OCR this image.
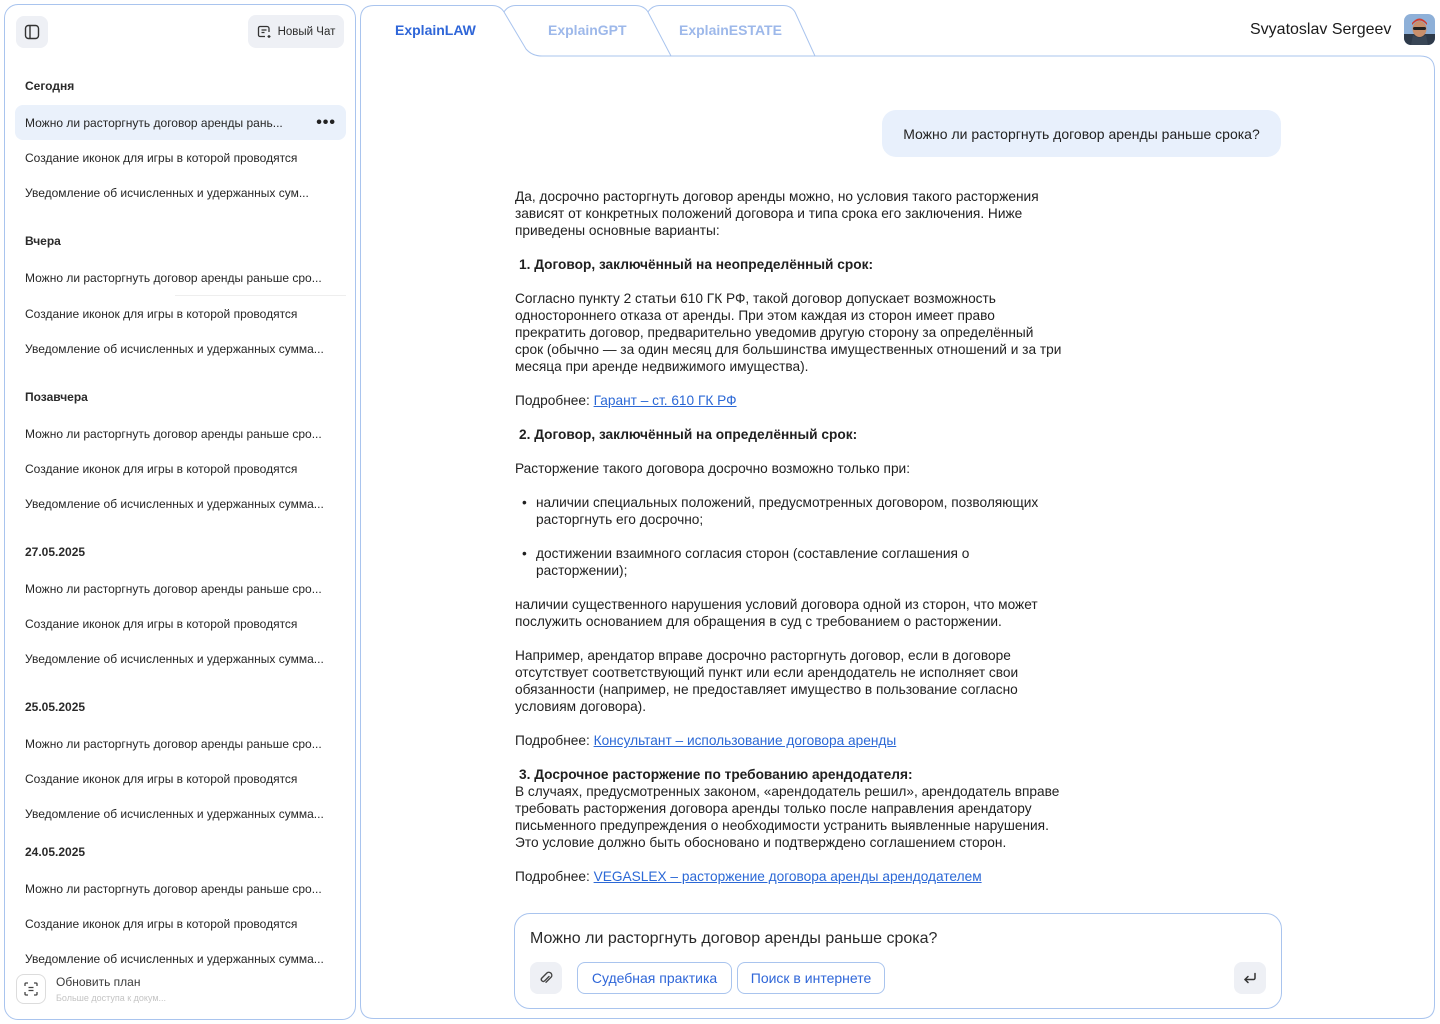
Новый Чат
Сегодня
Можно ли расторгнуть договор аренды рань...	•••
Создание иконок для игры в которой проводятся
Уведомление об исчисленных и удержанных сум...
Вчера
Можно ли расторгнуть договор аренды раньше сро...
Создание иконок для игры в которой проводятся
Уведомление об исчисленных и удержанных сумма...
Позавчера
Можно ли расторгнуть договор аренды раньше сро...
Создание иконок для игры в которой проводятся
Уведомление об исчисленных и удержанных сумма...
27.05.2025
Можно ли расторгнуть договор аренды раньше сро...
Создание иконок для игры в которой проводятся
Уведомление об исчисленных и удержанных сумма...
25.05.2025
Можно ли расторгнуть договор аренды раньше сро...
Создание иконок для игры в которой проводятся
Уведомление об исчисленных и удержанных сумма...
24.05.2025
Можно ли расторгнуть договор аренды раньше сро...
Создание иконок для игры в которой проводятся
Уведомление об исчисленных и удержанных сумма...
Обновить план
Больше доступа к докум...
ExplainLAW	ExplainGPT	ExplainESTATE	Svyatoslav Sergeev
Можно ли расторгнуть договор аренды раньше срока?

Да, досрочно расторгнуть договор аренды можно, но условия такого расторжения

зависят от конкретных положений договора и типа срока его заключения. Ниже

приведены основные варианты:

1. Договор, заключённый на неопределённый срок:

Согласно пункту 2 статьи 610 ГК РФ, такой договор допускает возможность

одностороннего отказа от аренды. При этом каждая из сторон имеет право

прекратить договор, предварительно уведомив другую сторону за определённый

срок (обычно — за один месяц для большинства имущественных отношений и за три

месяца при аренде недвижимого имущества).

Подробнее: Гарант – ст. 610 ГК РФ

2. Договор, заключённый на определённый срок:

Расторжение такого договора досрочно возможно только при:

• наличии специальных положений, предусмотренных договором, позволяющих
расторгнуть его досрочно;
• достижении взаимного согласия сторон (составление соглашения о
расторжении);

наличии существенного нарушения условий договора одной из сторон, что может

послужить основанием для обращения в суд с требованием о расторжении.

Например, арендатор вправе досрочно расторгнуть договор, если в договоре

отсутствует соответствующий пункт или если арендодатель не исполняет свои

обязанности (например, не предоставляет имущество в пользование согласно

условиям договора).

Подробнее: Консультант – использование договора аренды

3. Досрочное расторжение по требованию арендодателя:

В случаях, предусмотренных законом, «арендодатель решил», арендодатель вправе

требовать расторжения договора аренды только после направления арендатору

письменного предупреждения о необходимости устранить выявленные нарушения.

Это условие должно быть обосновано и подтверждено соглашением сторон.

Подробнее: VEGASLEX – расторжение договора аренды арендодателем

Можно ли расторгнуть договор аренды раньше срока?
Судебная практика	Поиск в интернете
